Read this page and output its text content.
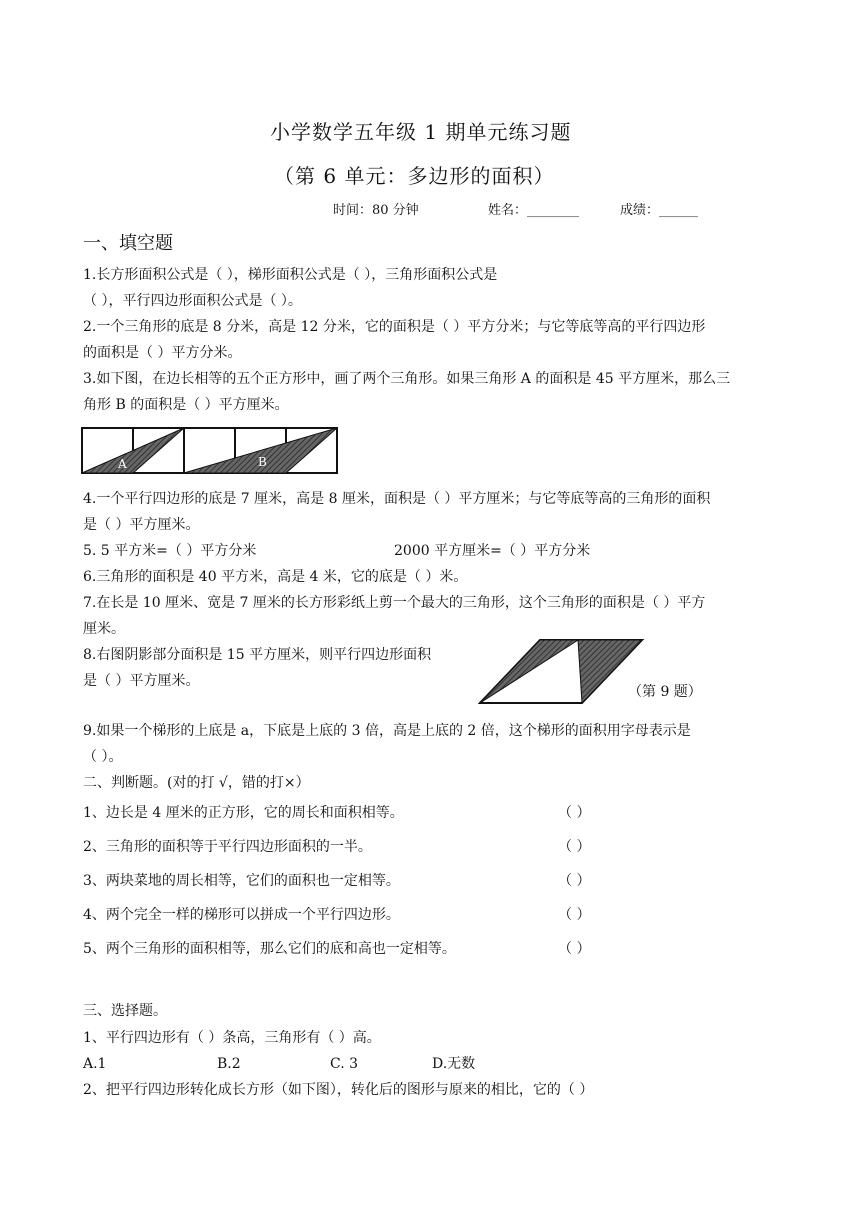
小学数学五年级 1 期单元练习题
（第 6 单元：多边形的面积）
时间：80 分钟	姓名：________	成绩：______
一、填空题
1.长方形面积公式是（ ），梯形面积公式是（ ），三角形面积公式是
（ ），平行四边形面积公式是（ ）。
2.一个三角形的底是 8 分米，高是 12 分米，它的面积是（ ）平方分米；与它等底等高的平行四边形
的面积是（ ）平方分米。
3.如下图，在边长相等的五个正方形中，画了两个三角形。如果三角形 A 的面积是 45 平方厘米，那么三
角形 B 的面积是（ ）平方厘米。
A	B
4.一个平行四边形的底是 7 厘米，高是 8 厘米，面积是（ ）平方厘米；与它等底等高的三角形的面积
是（ ）平方厘米。
5. 5 平方米=（ ）平方分米	2000 平方厘米=（ ）平方分米
6.三角形的面积是 40 平方米，高是 4 米，它的底是（ ）米。
7.在长是 10 厘米、宽是 7 厘米的长方形彩纸上剪一个最大的三角形，这个三角形的面积是（ ）平方
厘米。
8.右图阴影部分面积是 15 平方厘米，则平行四边形面积
是（ ）平方厘米。
（第 9 题）
9.如果一个梯形的上底是 a，下底是上底的 3 倍，高是上底的 2 倍，这个梯形的面积用字母表示是
（ ）。
二、判断题。(对的打 √，错的打×）
1、边长是 4 厘米的正方形，它的周长和面积相等。	（ ）
2、三角形的面积等于平行四边形面积的一半。	（ ）
3、两块菜地的周长相等，它们的面积也一定相等。	（ ）
4、两个完全一样的梯形可以拼成一个平行四边形。	（ ）
5、两个三角形的面积相等，那么它们的底和高也一定相等。	（ ）
三、选择题。
1、平行四边形有（ ）条高，三角形有（ ）高。
A.1	B.2	C. 3	D.无数
2、把平行四边形转化成长方形（如下图），转化后的图形与原来的相比，它的（ ）
